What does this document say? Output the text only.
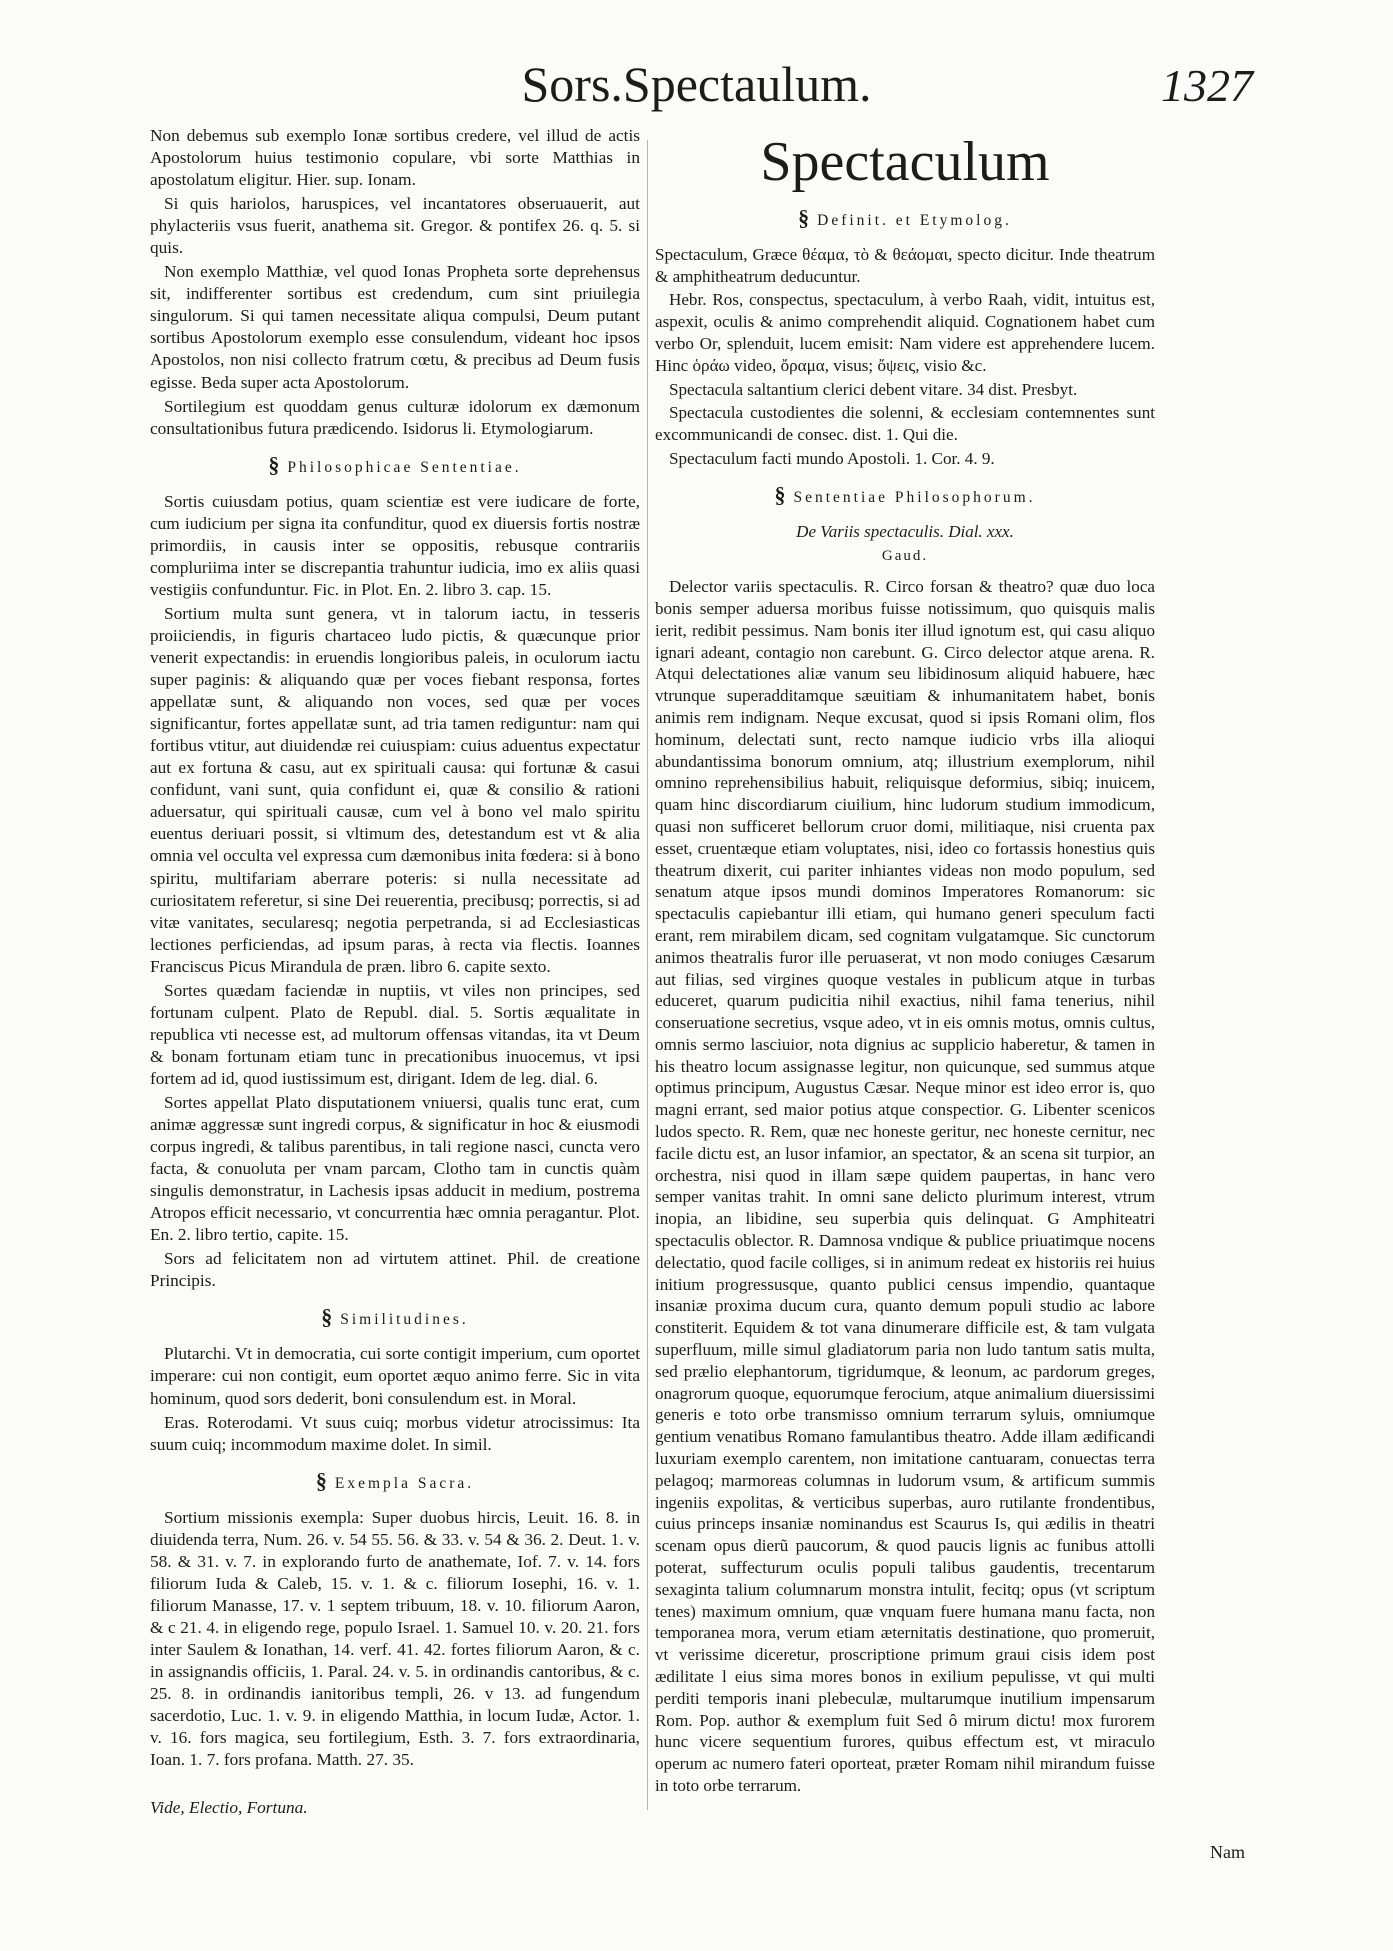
Sors.Spectaulum.	1327

Non debemus sub exemplo Ionæ sortibus credere, vel illud de actis Apostolorum huius testimonio copulare, vbi sorte Matthias in apostolatum eligitur. Hier. sup. Ionam.

Si quis hariolos, haruspices, vel incantatores obseruauerit, aut phylacteriis vsus fuerit, anathema sit. Gregor. & pontifex 26. q. 5. si quis.

Non exemplo Matthiæ, vel quod Ionas Propheta sorte deprehensus sit, indifferenter sortibus est credendum, cum sint priuilegia singulorum. Si qui tamen necessitate aliqua compulsi, Deum putant sortibus Apostolorum exemplo esse consulendum, videant hoc ipsos Apostolos, non nisi collecto fratrum cœtu, & precibus ad Deum fusis egisse. Beda super acta Apostolorum.

Sortilegium est quoddam genus culturæ idolorum ex dæmonum consultationibus futura prædicendo. Isidorus li. Etymologiarum.

§ Philosophicae Sententiae.

Sortis cuiusdam potius, quam scientiæ est vere iudicare de forte, cum iudicium per signa ita confunditur, quod ex diuersis fortis nostræ primordiis, in causis inter se oppositis, rebusque contrariis compluriima inter se discrepantia trahuntur iudicia, imo ex aliis quasi vestigiis confunduntur. Fic. in Plot. En. 2. libro 3. cap. 15.

Sortium multa sunt genera, vt in talorum iactu, in tesseris proiiciendis, in figuris chartaceo ludo pictis, & quæcunque prior venerit expectandis: in eruendis longioribus paleis, in oculorum iactu super paginis: & aliquando quæ per voces fiebant responsa, fortes appellatæ sunt, & aliquando non voces, sed quæ per voces significantur, fortes appellatæ sunt, ad tria tamen rediguntur: nam qui fortibus vtitur, aut diuidendæ rei cuiuspiam: cuius aduentus expectatur aut ex fortuna & casu, aut ex spirituali causa: qui fortunæ & casui confidunt, vani sunt, quia confidunt ei, quæ & consilio & rationi aduersatur, qui spirituali causæ, cum vel à bono vel malo spiritu euentus deriuari possit, si vltimum des, detestandum est vt & alia omnia vel occulta vel expressa cum dæmonibus inita fœdera: si à bono spiritu, multifariam aberrare poteris: si nulla necessitate ad curiositatem referetur, si sine Dei reuerentia, precibusq; porrectis, si ad vitæ vanitates, secularesq; negotia perpetranda, si ad Ecclesiasticas lectiones perficiendas, ad ipsum paras, à recta via flectis. Ioannes Franciscus Picus Mirandula de præn. libro 6. capite sexto.

Sortes quædam faciendæ in nuptiis, vt viles non principes, sed fortunam culpent. Plato de Republ. dial. 5. Sortis æqualitate in republica vti necesse est, ad multorum offensas vitandas, ita vt Deum & bonam fortunam etiam tunc in precationibus inuocemus, vt ipsi fortem ad id, quod iustissimum est, dirigant. Idem de leg. dial. 6.

Sortes appellat Plato disputationem vniuersi, qualis tunc erat, cum animæ aggressæ sunt ingredi corpus, & significatur in hoc & eiusmodi corpus ingredi, & talibus parentibus, in tali regione nasci, cuncta vero facta, & conuoluta per vnam parcam, Clotho tam in cunctis quàm singulis demonstratur, in Lachesis ipsas adducit in medium, postrema Atropos efficit necessario, vt concurrentia hæc omnia peragantur. Plot. En. 2. libro tertio, capite. 15.

Sors ad felicitatem non ad virtutem attinet. Phil. de creatione Principis.

§ Similitudines.

Plutarchi. Vt in democratia, cui sorte contigit imperium, cum oportet imperare: cui non contigit, eum oportet æquo animo ferre. Sic in vita hominum, quod sors dederit, boni consulendum est. in Moral.

Eras. Roterodami. Vt suus cuiq; morbus videtur atrocissimus: Ita suum cuiq; incommodum maxime dolet. In simil.

§ Exempla Sacra.

Sortium missionis exempla: Super duobus hircis, Leuit. 16. 8. in diuidenda terra, Num. 26. v. 54 55. 56. & 33. v. 54 & 36. 2. Deut. 1. v. 58. & 31. v. 7. in explorando furto de anathemate, Iof. 7. v. 14. fors filiorum Iuda & Caleb, 15. v. 1. & c. filiorum Iosephi, 16. v. 1. filiorum Manasse, 17. v. 1 septem tribuum, 18. v. 10. filiorum Aaron, & c 21. 4. in eligendo rege, populo Israel. 1. Samuel 10. v. 20. 21. fors inter Saulem & Ionathan, 14. verf. 41. 42. fortes filiorum Aaron, & c. in assignandis officiis, 1. Paral. 24. v. 5. in ordinandis cantoribus, & c. 25. 8. in ordinandis ianitoribus templi, 26. v 13. ad fungendum sacerdotio, Luc. 1. v. 9. in eligendo Matthia, in locum Iudæ, Actor. 1. v. 16. fors magica, seu fortilegium, Esth. 3. 7. fors extraordinaria, Ioan. 1. 7. fors profana. Matth. 27. 35.

Vide, Electio, Fortuna.

Spectaculum
§ Definit. et Etymolog.

Spectaculum, Græce θέαμα, τὸ & θεάομαι, specto dicitur. Inde theatrum & amphitheatrum deducuntur.

Hebr. Ros, conspectus, spectaculum, à verbo Raah, vidit, intuitus est, aspexit, oculis & animo comprehendit aliquid. Cognationem habet cum verbo Or, splenduit, lucem emisit: Nam videre est apprehendere lucem. Hinc ὁράω video, ὄραμα, visus; ὄψεις, visio &c.

Spectacula saltantium clerici debent vitare. 34 dist. Presbyt.

Spectacula custodientes die solenni, & ecclesiam contemnentes sunt excommunicandi de consec. dist. 1. Qui die.

Spectaculum facti mundo Apostoli. 1. Cor. 4. 9.

§ Sententiae Philosophorum.
De Variis spectaculis. Dial. xxx.
Gaud.

Delector variis spectaculis. R. Circo forsan & theatro? quæ duo loca bonis semper aduersa moribus fuisse notissimum, quo quisquis malis ierit, redibit pessimus. Nam bonis iter illud ignotum est, qui casu aliquo ignari adeant, contagio non carebunt. G. Circo delector atque arena. R. Atqui delectationes aliæ vanum seu libidinosum aliquid habuere, hæc vtrunque superadditamque sæuitiam & inhumanitatem habet, bonis animis rem indignam. Neque excusat, quod si ipsis Romani olim, flos hominum, delectati sunt, recto namque iudicio vrbs illa alioqui abundantissima bonorum omnium, atq; illustrium exemplorum, nihil omnino reprehensibilius habuit, reliquisque deformius, sibiq; inuicem, quam hinc discordiarum ciuilium, hinc ludorum studium immodicum, quasi non sufficeret bellorum cruor domi, militiaque, nisi cruenta pax esset, cruentæque etiam voluptates, nisi, ideo co fortassis honestius quis theatrum dixerit, cui pariter inhiantes videas non modo populum, sed senatum atque ipsos mundi dominos Imperatores Romanorum: sic spectaculis capiebantur illi etiam, qui humano generi speculum facti erant, rem mirabilem dicam, sed cognitam vulgatamque. Sic cunctorum animos theatralis furor ille peruaserat, vt non modo coniuges Cæsarum aut filias, sed virgines quoque vestales in publicum atque in turbas educeret, quarum pudicitia nihil exactius, nihil fama tenerius, nihil conseruatione secretius, vsque adeo, vt in eis omnis motus, omnis cultus, omnis sermo lasciuior, nota dignius ac supplicio haberetur, & tamen in his theatro locum assignasse legitur, non quicunque, sed summus atque optimus principum, Augustus Cæsar. Neque minor est ideo error is, quo magni errant, sed maior potius atque conspectior. G. Libenter scenicos ludos specto. R. Rem, quæ nec honeste geritur, nec honeste cernitur, nec facile dictu est, an lusor infamior, an spectator, & an scena sit turpior, an orchestra, nisi quod in illam sæpe quidem paupertas, in hanc vero semper vanitas trahit. In omni sane delicto plurimum interest, vtrum inopia, an libidine, seu superbia quis delinquat. G Amphiteatri spectaculis oblector. R. Damnosa vndique & publice priuatimque nocens delectatio, quod facile colliges, si in animum redeat ex historiis rei huius initium progressusque, quanto publici census impendio, quantaque insaniæ proxima ducum cura, quanto demum populi studio ac labore constiterit. Equidem & tot vana dinumerare difficile est, & tam vulgata superfluum, mille simul gladiatorum paria non ludo tantum satis multa, sed prælio elephantorum, tigridumque, & leonum, ac pardorum greges, onagrorum quoque, equorumque ferocium, atque animalium diuersissimi generis e toto orbe transmisso omnium terrarum syluis, omniumque gentium venatibus Romano famulantibus theatro. Adde illam ædificandi luxuriam exemplo carentem, non imitatione cantuaram, conuectas terra pelagoq; marmoreas columnas in ludorum vsum, & artificum summis ingeniis expolitas, & verticibus superbas, auro rutilante frondentibus, cuius princeps insaniæ nominandus est Scaurus Is, qui ædilis in theatri scenam opus dierũ paucorum, & quod paucis lignis ac funibus attolli poterat, suffecturum oculis populi talibus gaudentis, trecentarum sexaginta talium columnarum monstra intulit, fecitq; opus (vt scriptum tenes) maximum omnium, quæ vnquam fuere humana manu facta, non temporanea mora, verum etiam æternitatis destinatione, quo promeruit, vt verissime diceretur, proscriptione primum graui cisis idem post ædilitate l eius sima mores bonos in exilium pepulisse, vt qui multi perditi temporis inani plebeculæ, multarumque inutilium impensarum Rom. Pop. author & exemplum fuit Sed ô mirum dictu! mox furorem hunc vicere sequentium furores, quibus effectum est, vt miraculo operum ac numero fateri oporteat, præter Romam nihil mirandum fuisse in toto orbe terrarum.

Nam
